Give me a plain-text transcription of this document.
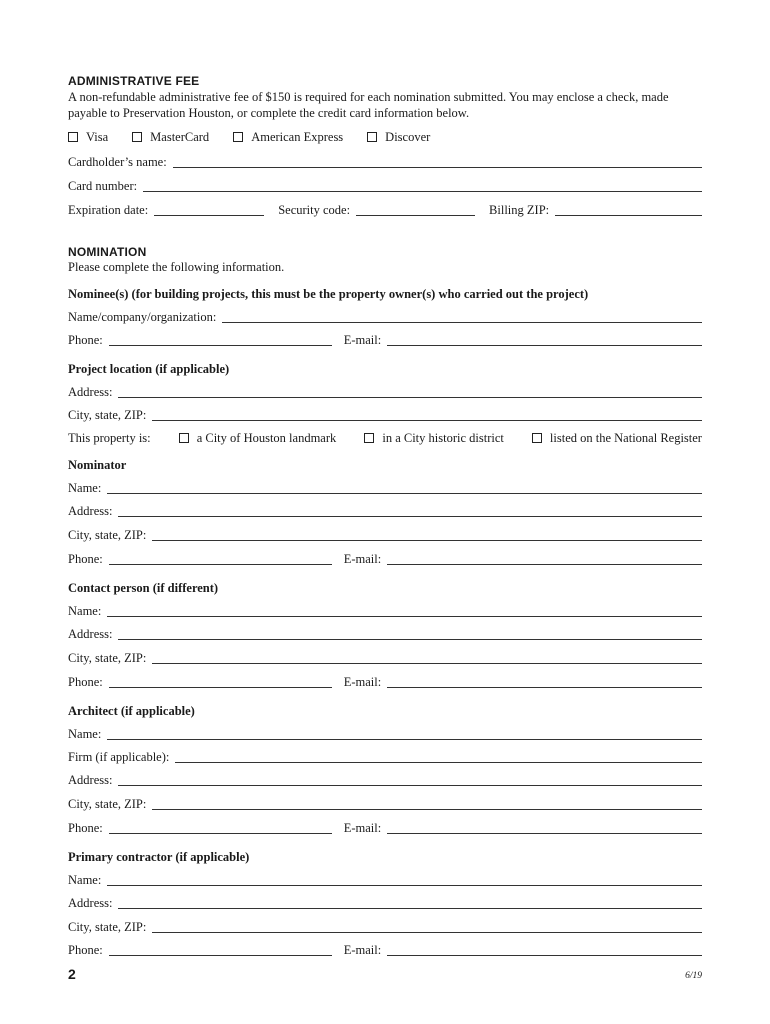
ADMINISTRATIVE FEE
A non-refundable administrative fee of $150 is required for each nomination submitted. You may enclose a check, made payable to Preservation Houston, or complete the credit card information below.
Visa	MasterCard	American Express	Discover
Cardholder’s name:
Card number:
Expiration date:	Security code:	Billing ZIP:
NOMINATION
Please complete the following information.
Nominee(s) (for building projects, this must be the property owner(s) who carried out the project)
Name/company/organization:
Phone:	E-mail:
Project location (if applicable)
Address:
City, state, ZIP:
This property is:	a City of Houston landmark	in a City historic district	listed on the National Register
Nominator
Name:
Address:
City, state, ZIP:
Phone:	E-mail:
Contact person (if different)
Name:
Address:
City, state, ZIP:
Phone:	E-mail:
Architect (if applicable)
Name:
Firm (if applicable):
Address:
City, state, ZIP:
Phone:	E-mail:
Primary contractor (if applicable)
Name:
Address:
City, state, ZIP:
Phone:	E-mail:
2	6/19
